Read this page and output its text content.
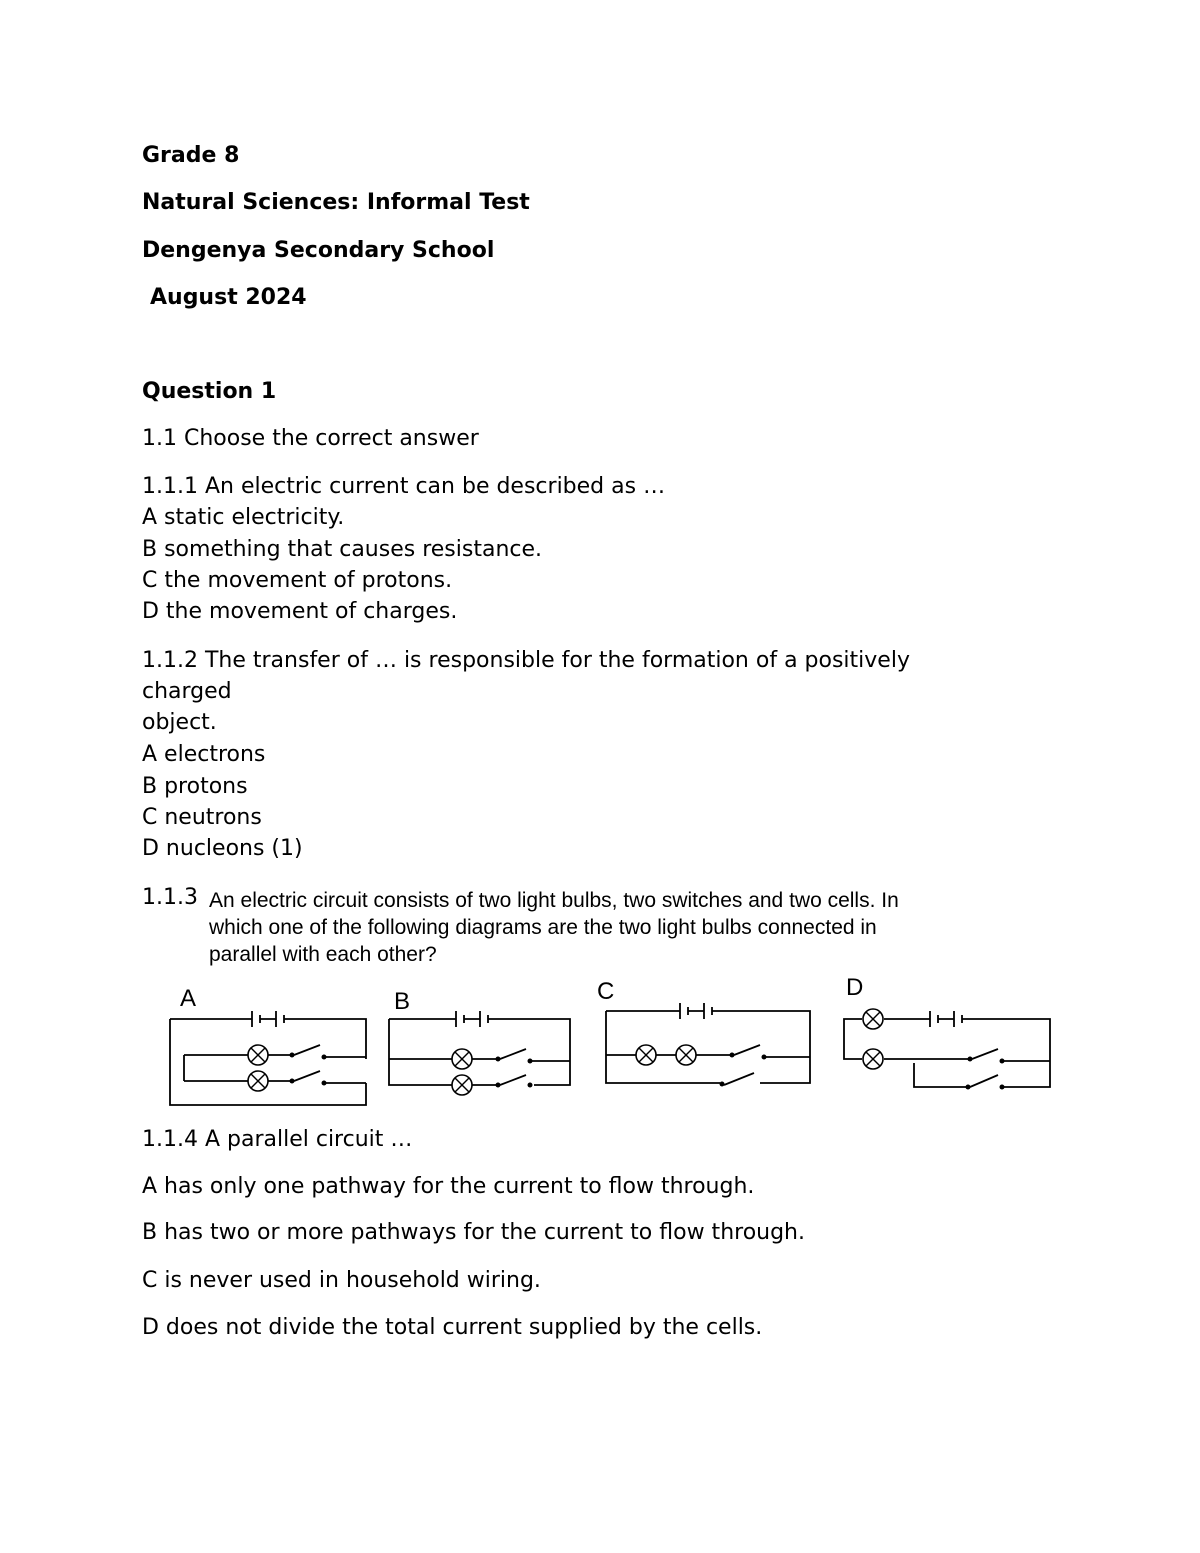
Grade 8
Natural Sciences: Informal Test
Dengenya Secondary School
August 2024
Question 1
1.1 Choose the correct answer
1.1.1 An electric current can be described as …
A static electricity.
B something that causes resistance.
C the movement of protons.
D the movement of charges.
1.1.2 The transfer of … is responsible for the formation of a positively
charged
object.
A electrons
B protons
C neutrons
D nucleons (1)
1.1.3 An electric circuit consists of two light bulbs, two switches and two cells. In
which one of the following diagrams are the two light bulbs connected in
parallel with each other?
A	B	C	D
1.1.4 A parallel circuit …
A has only one pathway for the current to flow through.
B has two or more pathways for the current to flow through.
C is never used in household wiring.
D does not divide the total current supplied by the cells.
